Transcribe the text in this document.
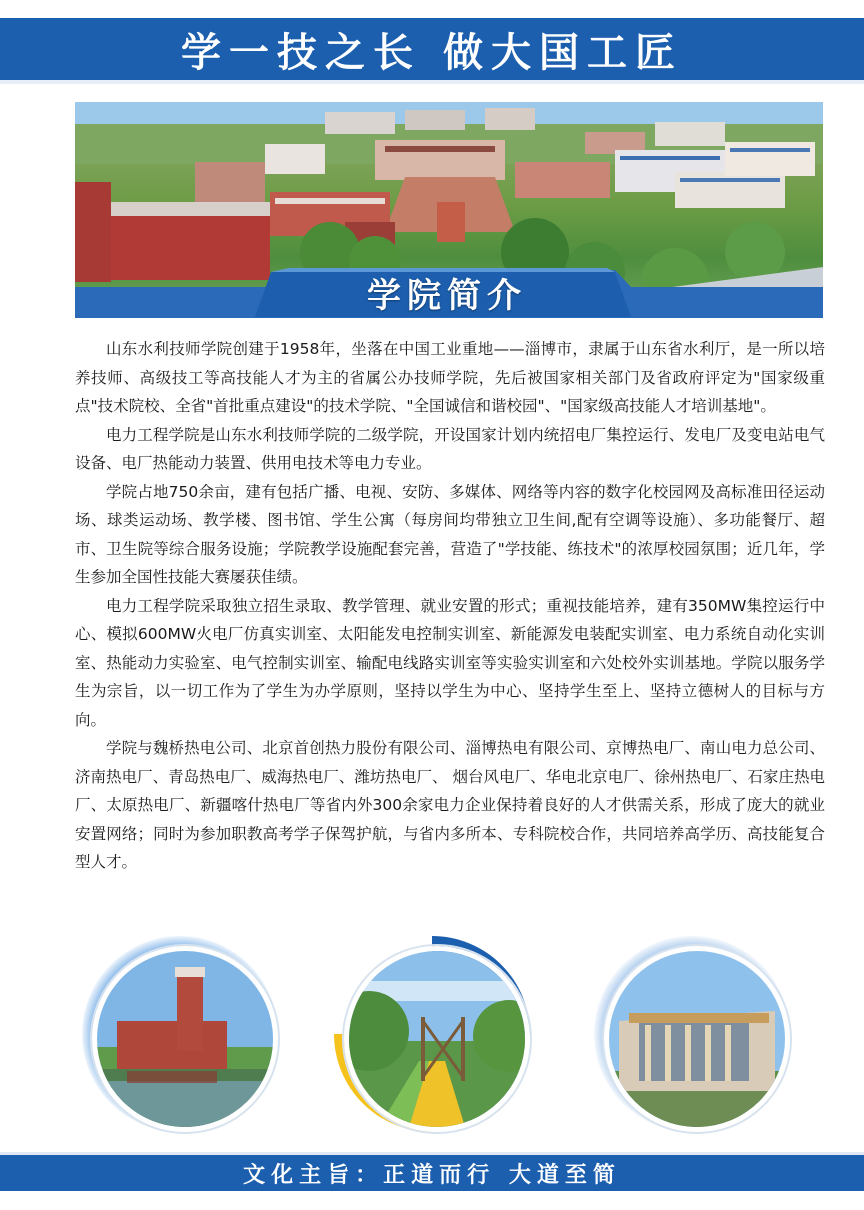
学一技之长 做大国工匠
学院简介

山东水利技师学院创建于1958年，坐落在中国工业重地——淄博市，隶属于山东省水利厅，是一所以培养技师、高级技工等高技能人才为主的省属公办技师学院，先后被国家相关部门及省政府评定为"国家级重点"技术院校、全省"首批重点建设"的技术学院、"全国诚信和谐校园"、"国家级高技能人才培训基地"。

电力工程学院是山东水利技师学院的二级学院，开设国家计划内统招电厂集控运行、发电厂及变电站电气设备、电厂热能动力装置、供用电技术等电力专业。

学院占地750余亩，建有包括广播、电视、安防、多媒体、网络等内容的数字化校园网及高标准田径运动场、球类运动场、教学楼、图书馆、学生公寓（每房间均带独立卫生间,配有空调等设施）、多功能餐厅、超市、卫生院等综合服务设施；学院教学设施配套完善，营造了"学技能、练技术"的浓厚校园氛围；近几年，学生参加全国性技能大赛屡获佳绩。

电力工程学院采取独立招生录取、教学管理、就业安置的形式；重视技能培养，建有350MW集控运行中心、模拟600MW火电厂仿真实训室、太阳能发电控制实训室、新能源发电装配实训室、电力系统自动化实训室、热能动力实验室、电气控制实训室、输配电线路实训室等实验实训室和六处校外实训基地。学院以服务学生为宗旨，以一切工作为了学生为办学原则，坚持以学生为中心、坚持学生至上、坚持立德树人的目标与方向。

学院与魏桥热电公司、北京首创热力股份有限公司、淄博热电有限公司、京博热电厂、南山电力总公司、济南热电厂、青岛热电厂、威海热电厂、潍坊热电厂、 烟台风电厂、华电北京电厂、徐州热电厂、石家庄热电厂、太原热电厂、新疆喀什热电厂等省内外300余家电力企业保持着良好的人才供需关系，形成了庞大的就业安置网络；同时为参加职教高考学子保驾护航，与省内多所本、专科院校合作，共同培养高学历、高技能复合型人才。

文化主旨：正道而行 大道至简
